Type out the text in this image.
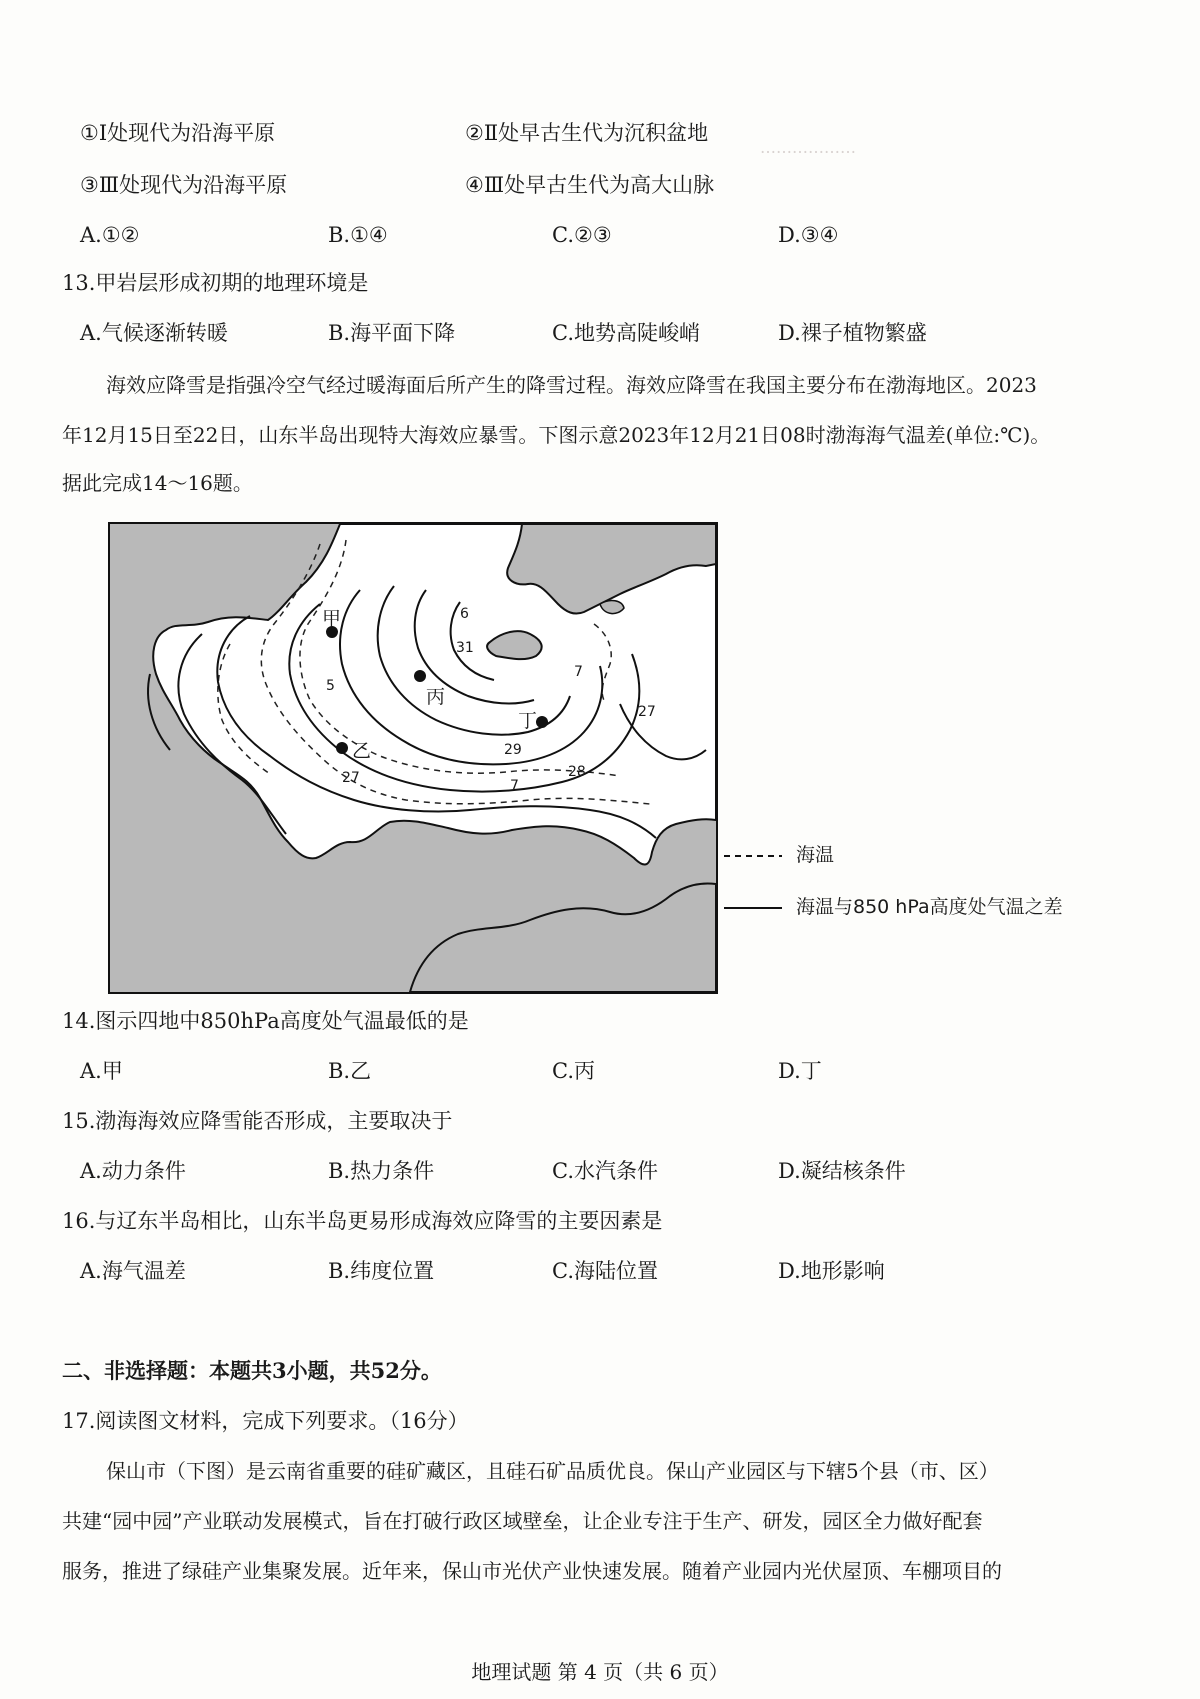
………………
①Ⅰ处现代为沿海平原	②Ⅱ处早古生代为沉积盆地
③Ⅲ处现代为沿海平原	④Ⅲ处早古生代为高大山脉
A.①②	B.①④	C.②③	D.③④
13.甲岩层形成初期的地理环境是
A.气候逐渐转暖	B.海平面下降	C.地势高陡峻峭	D.裸子植物繁盛
海效应降雪是指强冷空气经过暖海面后所产生的降雪过程。海效应降雪在我国主要分布在渤海地区。2023
年12月15日至22日，山东半岛出现特大海效应暴雪。下图示意2023年12月21日08时渤海海气温差(单位:℃)。
据此完成14～16题。
甲
乙
丙
丁
6
31
5
27
29
28
7
27
7
海温
海温与850 hPa高度处气温之差
14.图示四地中850hPa高度处气温最低的是
A.甲	B.乙	C.丙	D.丁
15.渤海海效应降雪能否形成，主要取决于
A.动力条件	B.热力条件	C.水汽条件	D.凝结核条件
16.与辽东半岛相比，山东半岛更易形成海效应降雪的主要因素是
A.海气温差	B.纬度位置	C.海陆位置	D.地形影响
二、非选择题：本题共3小题，共52分。
17.阅读图文材料，完成下列要求。（16分）
保山市（下图）是云南省重要的硅矿藏区，且硅石矿品质优良。保山产业园区与下辖5个县（市、区）
共建“园中园”产业联动发展模式，旨在打破行政区域壁垒，让企业专注于生产、研发，园区全力做好配套
服务，推进了绿硅产业集聚发展。近年来，保山市光伏产业快速发展。随着产业园内光伏屋顶、车棚项目的
地理试题 第 4 页（共 6 页）
